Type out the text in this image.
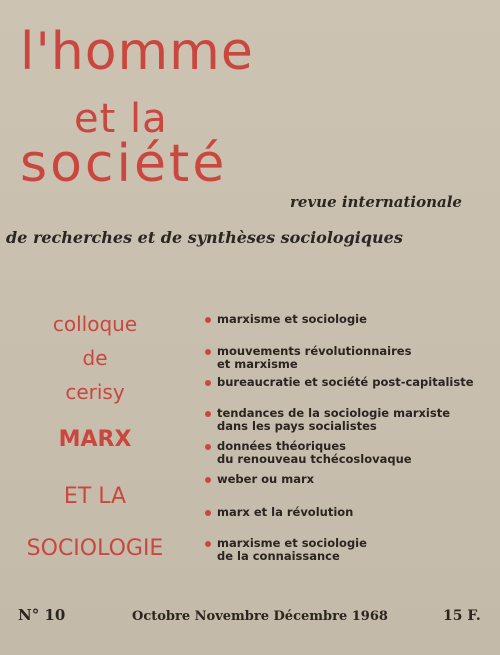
l'homme
et la
société
revue internationale
de recherches et de synthèses sociologiques
colloque
de
cerisy
MARX
ET LA
SOCIOLOGIE
marxisme et sociologie
mouvements révolutionnaires
et marxisme
bureaucratie et société post-capitaliste
tendances de la sociologie marxiste
dans les pays socialistes
données théoriques
du renouveau tchécoslovaque
weber ou marx
marx et la révolution
marxisme et sociologie
de la connaissance
N° 10	Octobre Novembre Décembre 1968	15 F.
